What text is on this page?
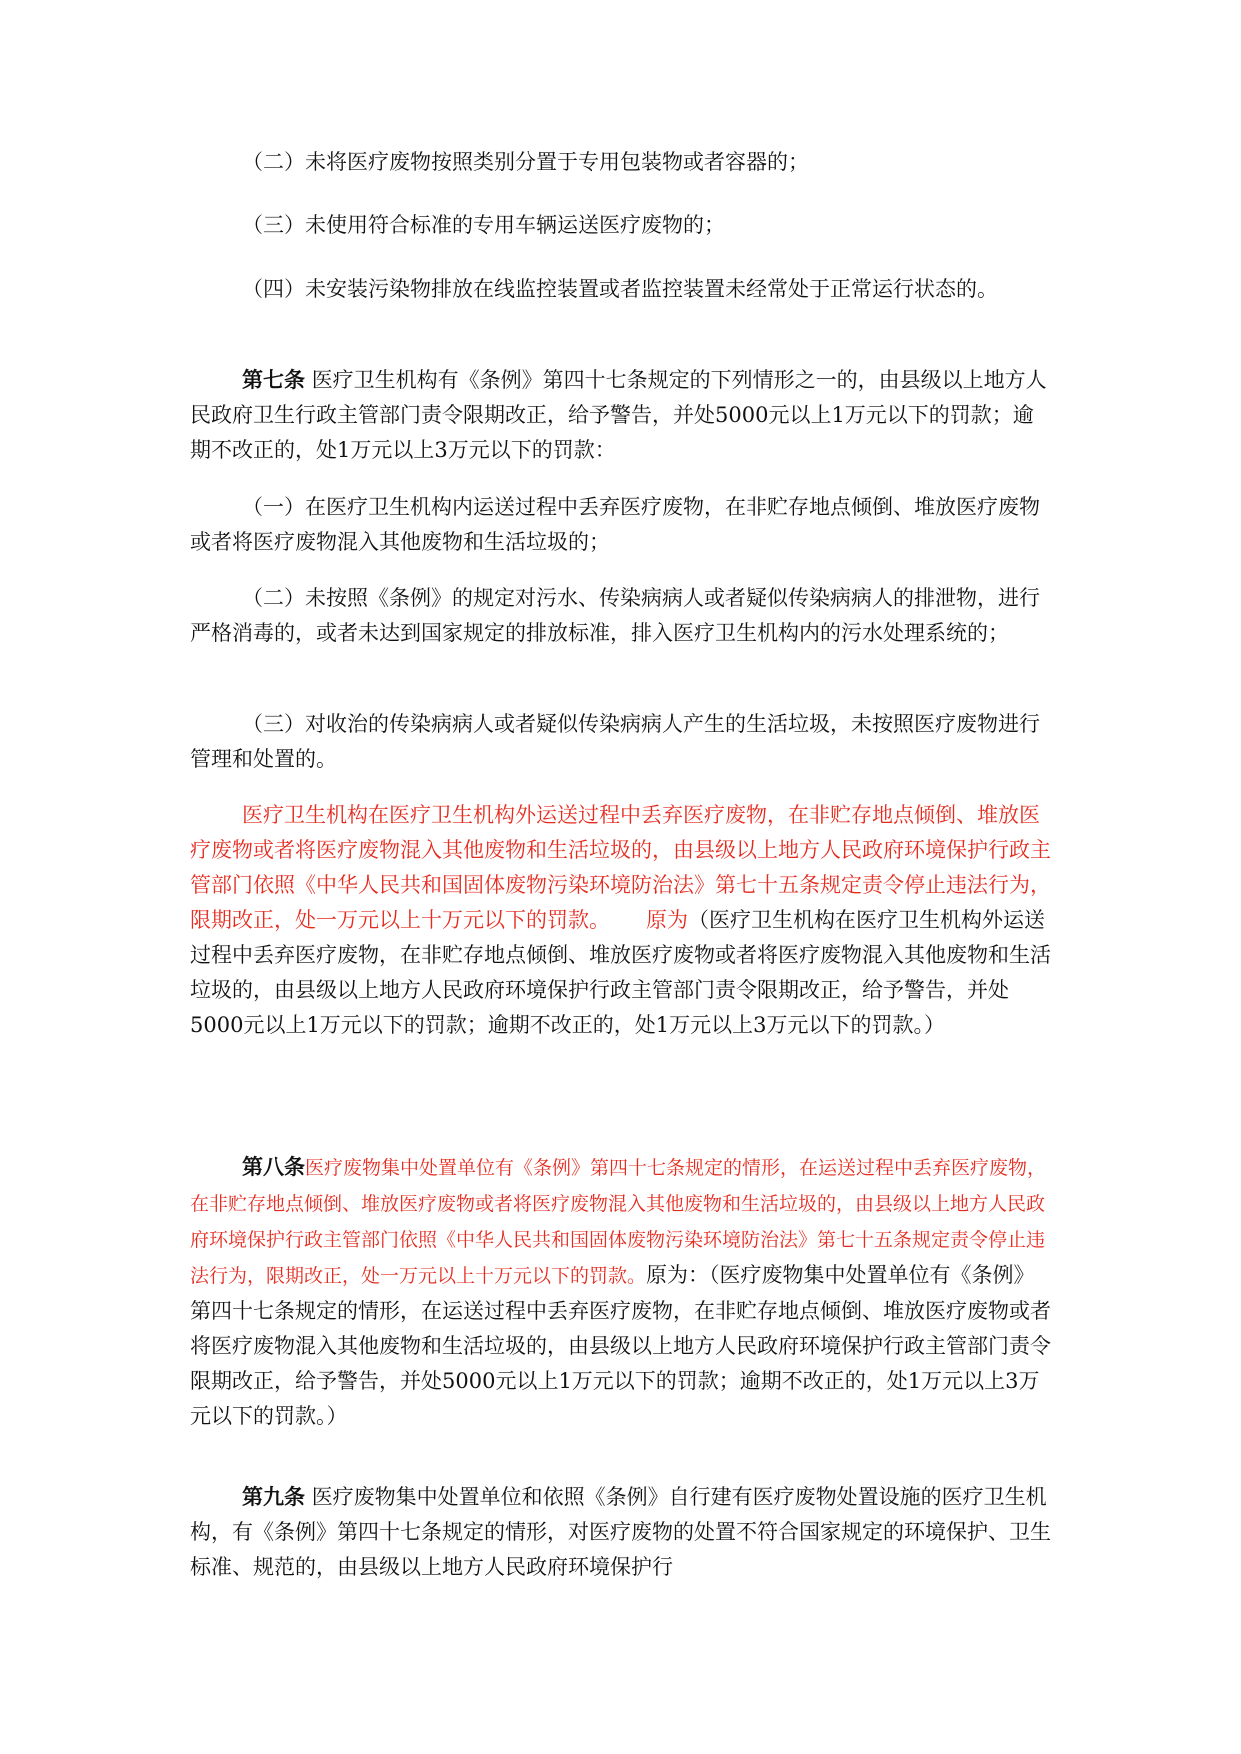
（二）未将医疗废物按照类别分置于专用包装物或者容器的；

（三）未使用符合标准的专用车辆运送医疗废物的；

（四）未安装污染物排放在线监控装置或者监控装置未经常处于正常运行状态的。

第七条 医疗卫生机构有《条例》第四十七条规定的下列情形之一的，由县级以上地方人民政府卫生行政主管部门责令限期改正，给予警告，并处5000元以上1万元以下的罚款；逾期不改正的，处1万元以上3万元以下的罚款：

（一）在医疗卫生机构内运送过程中丢弃医疗废物，在非贮存地点倾倒、堆放医疗废物或者将医疗废物混入其他废物和生活垃圾的；

（二）未按照《条例》的规定对污水、传染病病人或者疑似传染病病人的排泄物，进行严格消毒的，或者未达到国家规定的排放标准，排入医疗卫生机构内的污水处理系统的；

（三）对收治的传染病病人或者疑似传染病病人产生的生活垃圾，未按照医疗废物进行管理和处置的。

医疗卫生机构在医疗卫生机构外运送过程中丢弃医疗废物，在非贮存地点倾倒、堆放医疗废物或者将医疗废物混入其他废物和生活垃圾的，由县级以上地方人民政府环境保护行政主管部门依照《中华人民共和国固体废物污染环境防治法》第七十五条规定责令停止违法行为，限期改正，处一万元以上十万元以下的罚款。 原为（医疗卫生机构在医疗卫生机构外运送过程中丢弃医疗废物，在非贮存地点倾倒、堆放医疗废物或者将医疗废物混入其他废物和生活垃圾的，由县级以上地方人民政府环境保护行政主管部门责令限期改正，给予警告，并处5000元以上1万元以下的罚款；逾期不改正的，处1万元以上3万元以下的罚款。）

第八条医疗废物集中处置单位有《条例》第四十七条规定的情形，在运送过程中丢弃医疗废物，在非贮存地点倾倒、堆放医疗废物或者将医疗废物混入其他废物和生活垃圾的，由县级以上地方人民政府环境保护行政主管部门依照《中华人民共和国固体废物污染环境防治法》第七十五条规定责令停止违法行为，限期改正，处一万元以上十万元以下的罚款。原为：（医疗废物集中处置单位有《条例》第四十七条规定的情形，在运送过程中丢弃医疗废物，在非贮存地点倾倒、堆放医疗废物或者将医疗废物混入其他废物和生活垃圾的，由县级以上地方人民政府环境保护行政主管部门责令限期改正，给予警告，并处5000元以上1万元以下的罚款；逾期不改正的，处1万元以上3万元以下的罚款。）

第九条 医疗废物集中处置单位和依照《条例》自行建有医疗废物处置设施的医疗卫生机构，有《条例》第四十七条规定的情形，对医疗废物的处置不符合国家规定的环境保护、卫生标准、规范的，由县级以上地方人民政府环境保护行
